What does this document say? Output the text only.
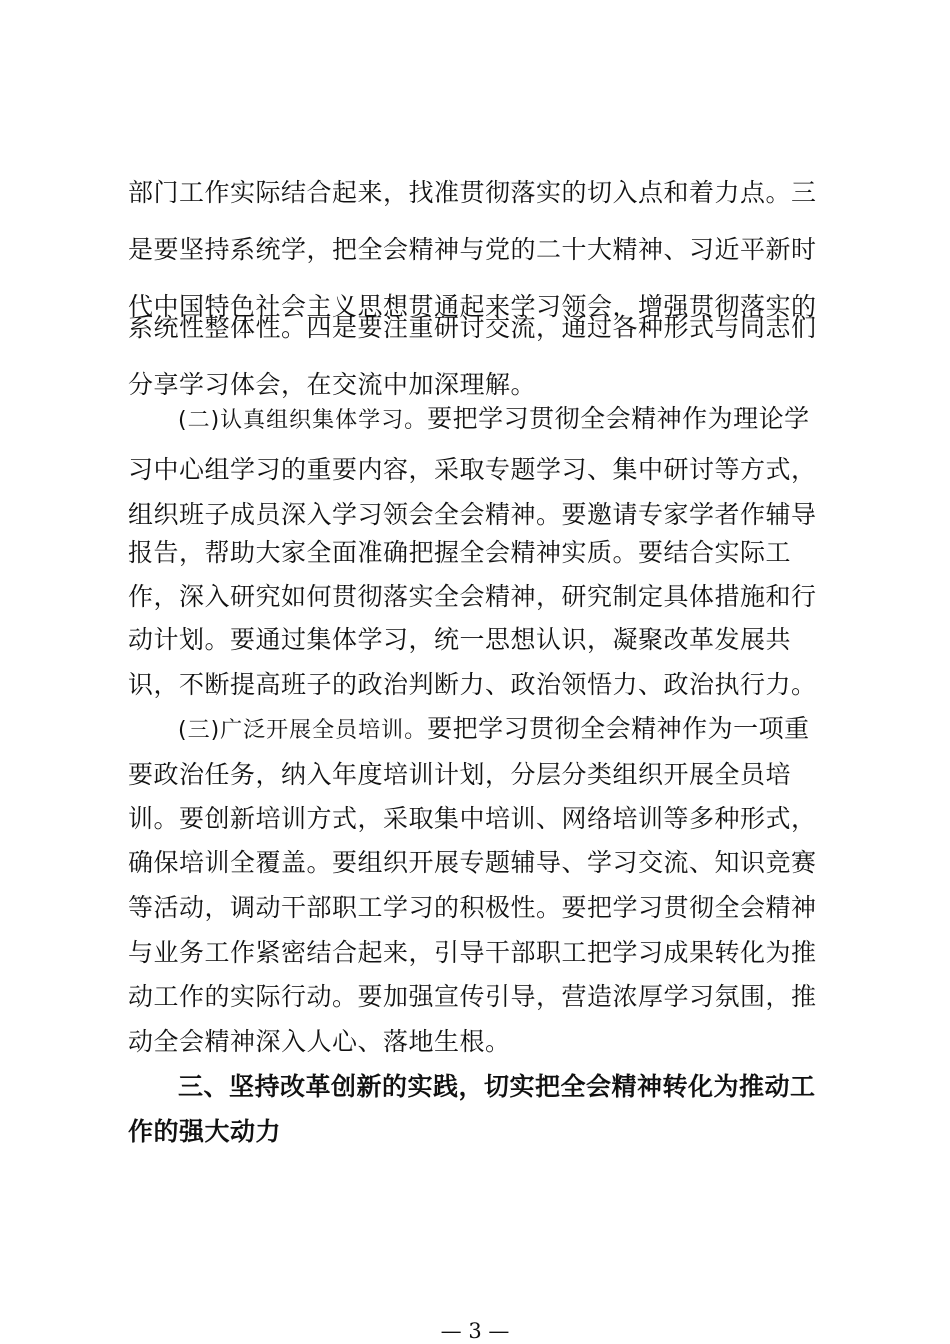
部门工作实际结合起来，找准贯彻落实的切入点和着力点。三
是要坚持系统学，把全会精神与党的二十大精神、习近平新时
代中国特色社会主义思想贯通起来学习领会，增强贯彻落实的
系统性整体性。四是要注重研讨交流，通过各种形式与同志们
分享学习体会，在交流中加深理解。
(二)认真组织集体学习。要把学习贯彻全会精神作为理论学
习中心组学习的重要内容，采取专题学习、集中研讨等方式，
组织班子成员深入学习领会全会精神。要邀请专家学者作辅导
报告，帮助大家全面准确把握全会精神实质。要结合实际工
作，深入研究如何贯彻落实全会精神，研究制定具体措施和行
动计划。要通过集体学习，统一思想认识，凝聚改革发展共
识，不断提高班子的政治判断力、政治领悟力、政治执行力。
(三)广泛开展全员培训。要把学习贯彻全会精神作为一项重
要政治任务，纳入年度培训计划，分层分类组织开展全员培
训。要创新培训方式，采取集中培训、网络培训等多种形式，
确保培训全覆盖。要组织开展专题辅导、学习交流、知识竞赛
等活动，调动干部职工学习的积极性。要把学习贯彻全会精神
与业务工作紧密结合起来，引导干部职工把学习成果转化为推
动工作的实际行动。要加强宣传引导，营造浓厚学习氛围，推
动全会精神深入人心、落地生根。
三、坚持改革创新的实践，切实把全会精神转化为推动工
作的强大动力
— 3 —
